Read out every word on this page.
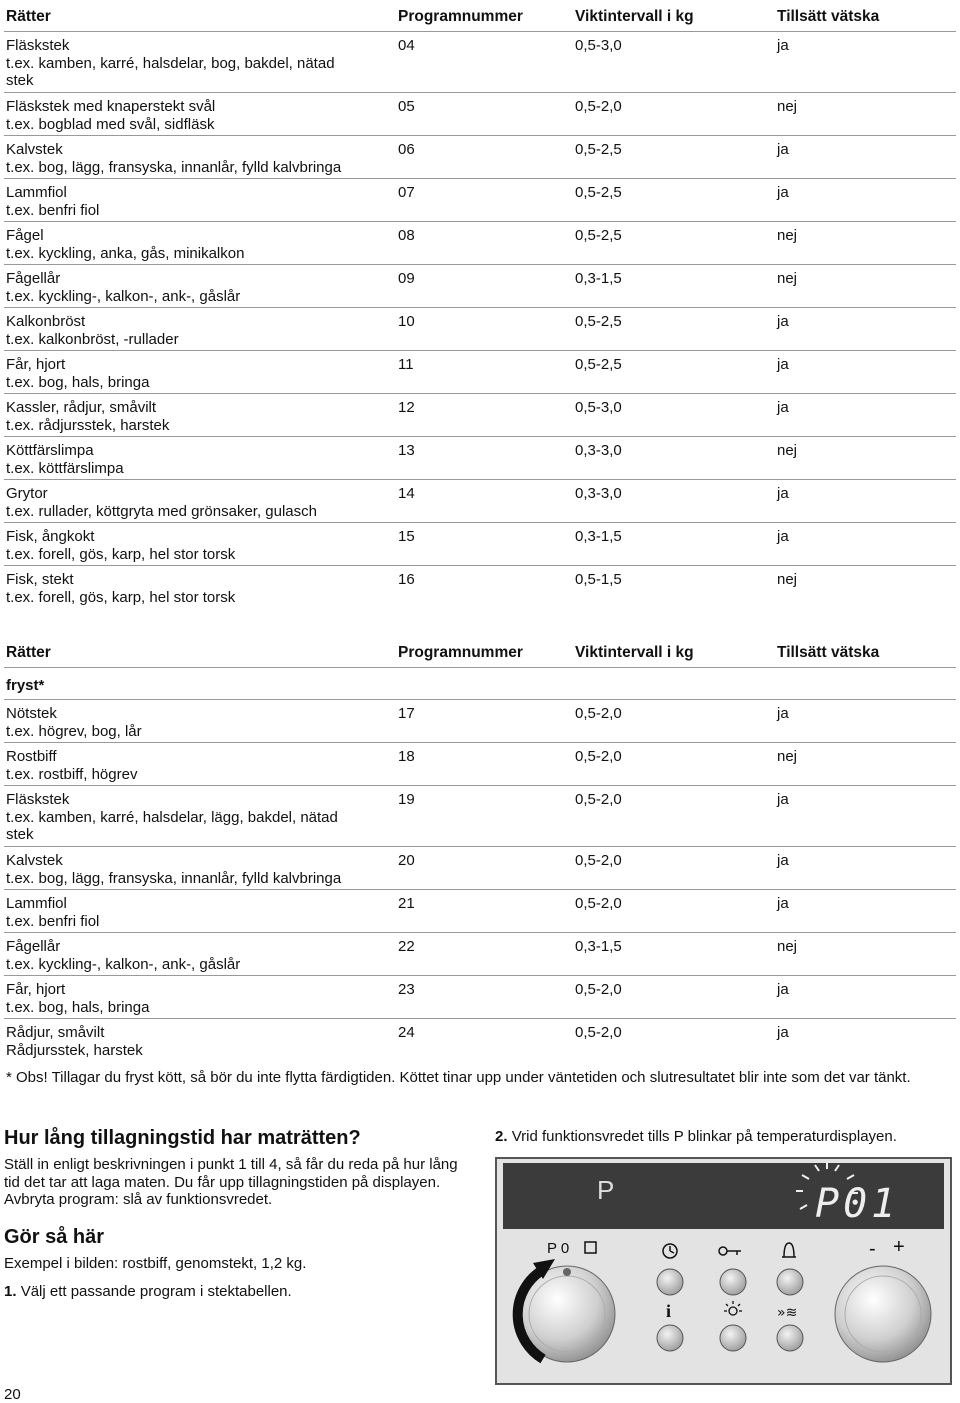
Rätter	Programnummer	Viktintervall i kg	Tillsätt vätska
Fläskstek
t.ex. kamben, karré, halsdelar, bog, bakdel, nätad
stek
04	0,5-3,0	ja
Fläskstek med knaperstekt svål
t.ex. bogblad med svål, sidfläsk
05	0,5-2,0	nej
Kalvstek
t.ex. bog, lägg, fransyska, innanlår, fylld kalvbringa
06	0,5-2,5	ja
Lammfiol
t.ex. benfri fiol
07	0,5-2,5	ja
Fågel
t.ex. kyckling, anka, gås, minikalkon
08	0,5-2,5	nej
Fågellår
t.ex. kyckling-, kalkon-, ank-, gåslår
09	0,3-1,5	nej
Kalkonbröst
t.ex. kalkonbröst, -rullader
10	0,5-2,5	ja
Får, hjort
t.ex. bog, hals, bringa
11	0,5-2,5	ja
Kassler, rådjur, småvilt
t.ex. rådjursstek, harstek
12	0,5-3,0	ja
Köttfärslimpa
t.ex. köttfärslimpa
13	0,3-3,0	nej
Grytor
t.ex. rullader, köttgryta med grönsaker, gulasch
14	0,3-3,0	ja
Fisk, ångkokt
t.ex. forell, gös, karp, hel stor torsk
15	0,3-1,5	ja
Fisk, stekt
t.ex. forell, gös, karp, hel stor torsk
16	0,5-1,5	nej
Rätter	Programnummer	Viktintervall i kg	Tillsätt vätska
fryst*
Nötstek
t.ex. högrev, bog, lår
17	0,5-2,0	ja
Rostbiff
t.ex. rostbiff, högrev
18	0,5-2,0	nej
Fläskstek
t.ex. kamben, karré, halsdelar, lägg, bakdel, nätad
stek
19	0,5-2,0	ja
Kalvstek
t.ex. bog, lägg, fransyska, innanlår, fylld kalvbringa
20	0,5-2,0	ja
Lammfiol
t.ex. benfri fiol
21	0,5-2,0	ja
Fågellår
t.ex. kyckling-, kalkon-, ank-, gåslår
22	0,3-1,5	nej
Får, hjort
t.ex. bog, hals, bringa
23	0,5-2,0	ja
Rådjur, småvilt
Rådjursstek, harstek
24	0,5-2,0	ja
* Obs! Tillagar du fryst kött, så bör du inte flytta färdigtiden. Köttet tinar upp under väntetiden och slutresultatet blir inte som det var tänkt.
Hur lång tillagningstid har maträtten?
Ställ in enligt beskrivningen i punkt 1 till 4, så får du reda på hur lång tid det tar att laga maten. Du får upp tillagningstiden på displayen. Avbryta program: slå av funktionsvredet.
Gör så här
Exempel i bilden: rostbiff, genomstekt, 1,2 kg.
1. Välj ett passande program i stektabellen.
2. Vrid funktionsvredet tills P blinkar på temperaturdisplayen.
P	P01
P 0	- +
i	»≋
20
